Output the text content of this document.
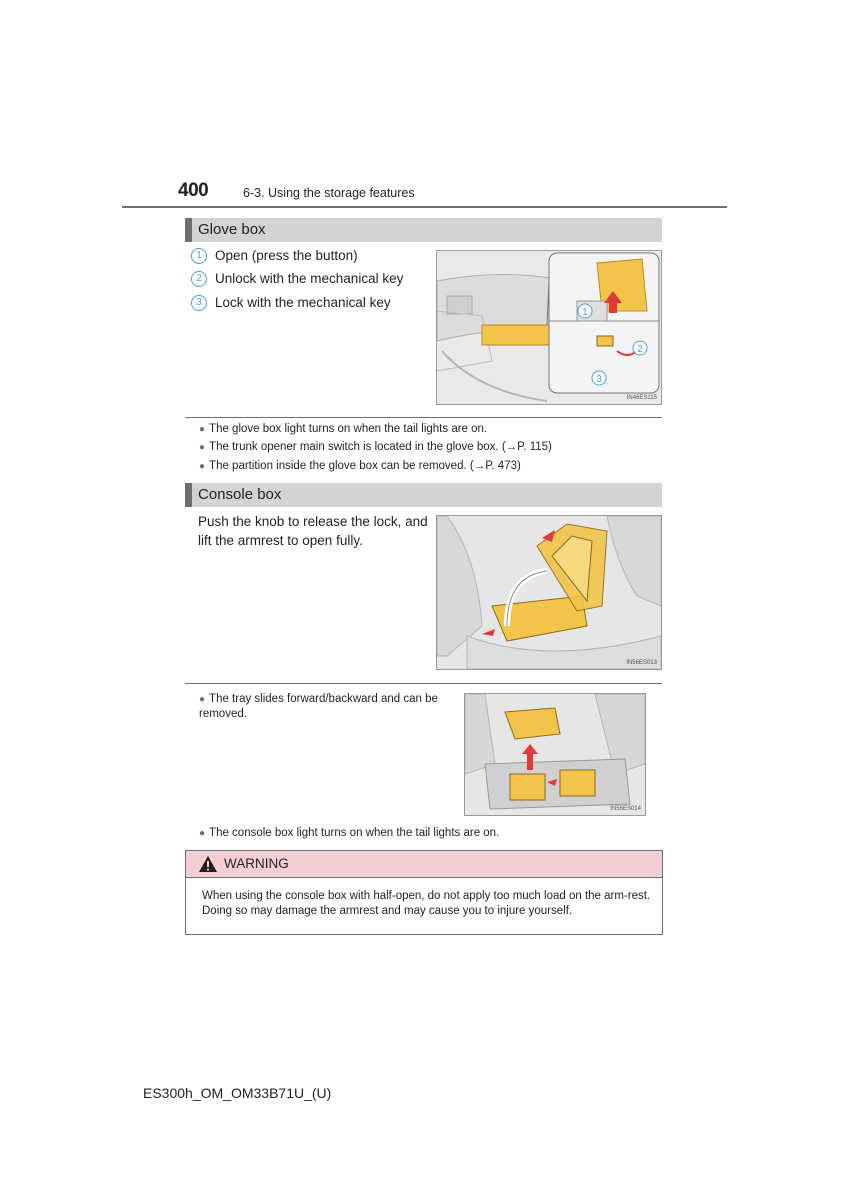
400	6-3. Using the storage features
Glove box
1 Open (press the button)
2 Unlock with the mechanical key
3 Lock with the mechanical key
1
2
3
IN46ES115
● The glove box light turns on when the tail lights are on.
● The trunk opener main switch is located in the glove box. (→P. 115)
● The partition inside the glove box can be removed. (→P. 473)
Console box
Push the knob to release the lock, and lift the armrest to open fully.
IN56ES013
● The tray slides forward/backward and can be removed.
IN56ES014
● The console box light turns on when the tail lights are on.
WARNING
When using the console box with half-open, do not apply too much load on the arm-rest. Doing so may damage the armrest and may cause you to injure yourself.
ES300h_OM_OM33B71U_(U)
